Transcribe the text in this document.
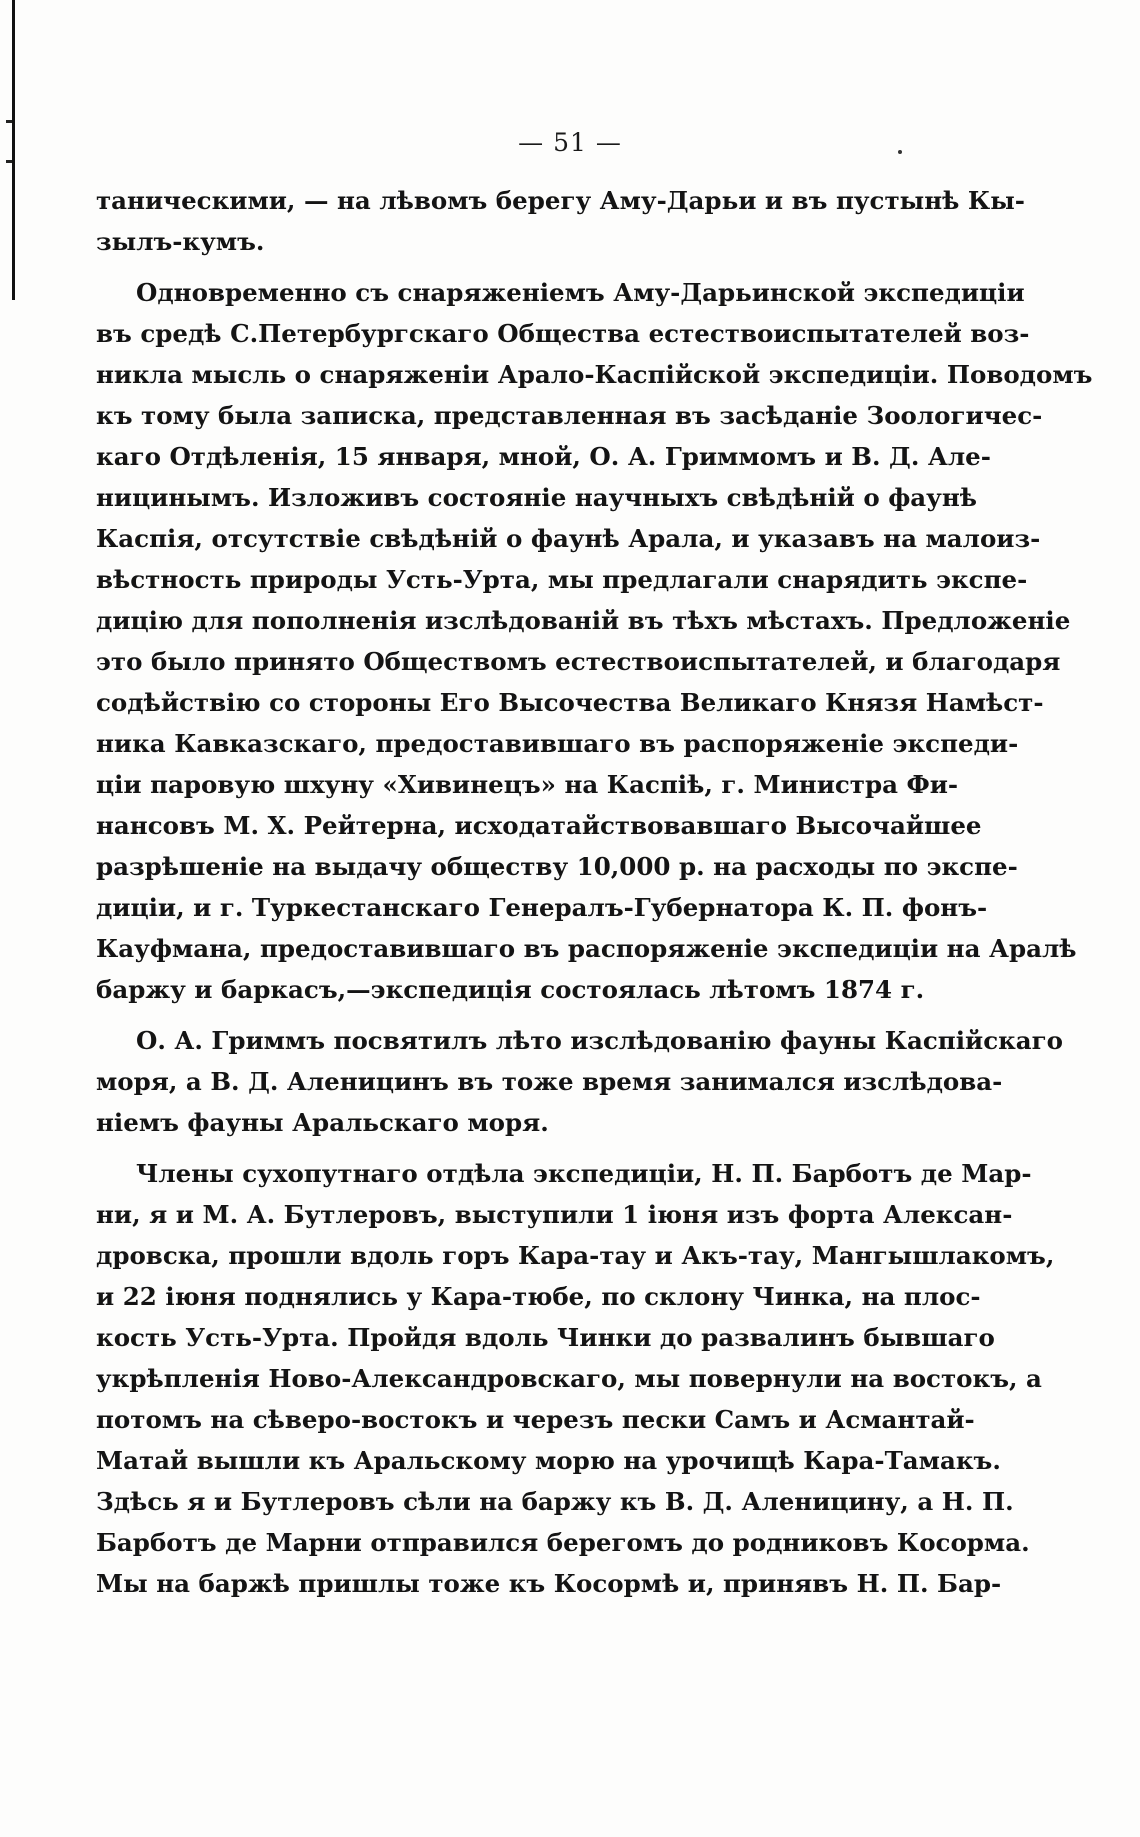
— 51 —
таническими, — на лѣвомъ берегу Аму-Дарьи и въ пустынѣ Кы-
зылъ-кумъ.
Одновременно съ снаряженіемъ Аму-Дарьинской экспедиціи
въ средѣ С.Петербургскаго Общества естествоиспытателей воз-
никла мысль о снаряженіи Арало-Каспійской экспедиціи. Поводомъ
къ тому была записка, представленная въ засѣданіе Зоологичес-
каго Отдѣленія, 15 января, мной, О. А. Гриммомъ и В. Д. Але-
ницинымъ. Изложивъ состояніе научныхъ свѣдѣній о фаунѣ
Каспія, отсутствіе свѣдѣній о фаунѣ Арала, и указавъ на малоиз-
вѣстность природы Усть-Урта, мы предлагали снарядить экспе-
дицію для пополненія изслѣдованій въ тѣхъ мѣстахъ. Предложеніе
это было принято Обществомъ естествоиспытателей, и благодаря
содѣйствію со стороны Его Высочества Великаго Князя Намѣст-
ника Кавказскаго, предоставившаго въ распоряженіе экспеди-
ціи паровую шхуну «Хивинецъ» на Каспіѣ, г. Министра Фи-
нансовъ М. Х. Рейтерна, исходатайствовавшаго Высочайшее
разрѣшеніе на выдачу обществу 10,000 р. на расходы по экспе-
диціи, и г. Туркестанскаго Генералъ-Губернатора К. П. фонъ-
Кауфмана, предоставившаго въ распоряженіе экспедиціи на Аралѣ
баржу и баркасъ,—экспедиція состоялась лѣтомъ 1874 г.
О. А. Гриммъ посвятилъ лѣто изслѣдованію фауны Каспійскаго
моря, а В. Д. Аленицинъ въ тоже время занимался изслѣдова-
ніемъ фауны Аральскаго моря.
Члены сухопутнаго отдѣла экспедиціи, Н. П. Барботъ де Мар-
ни, я и М. А. Бутлеровъ, выступили 1 іюня изъ форта Алексан-
дровска, прошли вдоль горъ Кара-тау и Акъ-тау, Мангышлакомъ,
и 22 іюня поднялись у Кара-тюбе, по склону Чинка, на плос-
кость Усть-Урта. Пройдя вдоль Чинки до развалинъ бывшаго
укрѣпленія Ново-Александровскаго, мы повернули на востокъ, а
потомъ на сѣверо-востокъ и черезъ пески Самъ и Асмантай-
Матай вышли къ Аральскому морю на урочищѣ Кара-Тамакъ.
Здѣсь я и Бутлеровъ сѣли на баржу къ В. Д. Аленицину, а Н. П.
Барботъ де Марни отправился берегомъ до родниковъ Косорма.
Мы на баржѣ пришлы тоже къ Косормѣ и, принявъ Н. П. Бар-
